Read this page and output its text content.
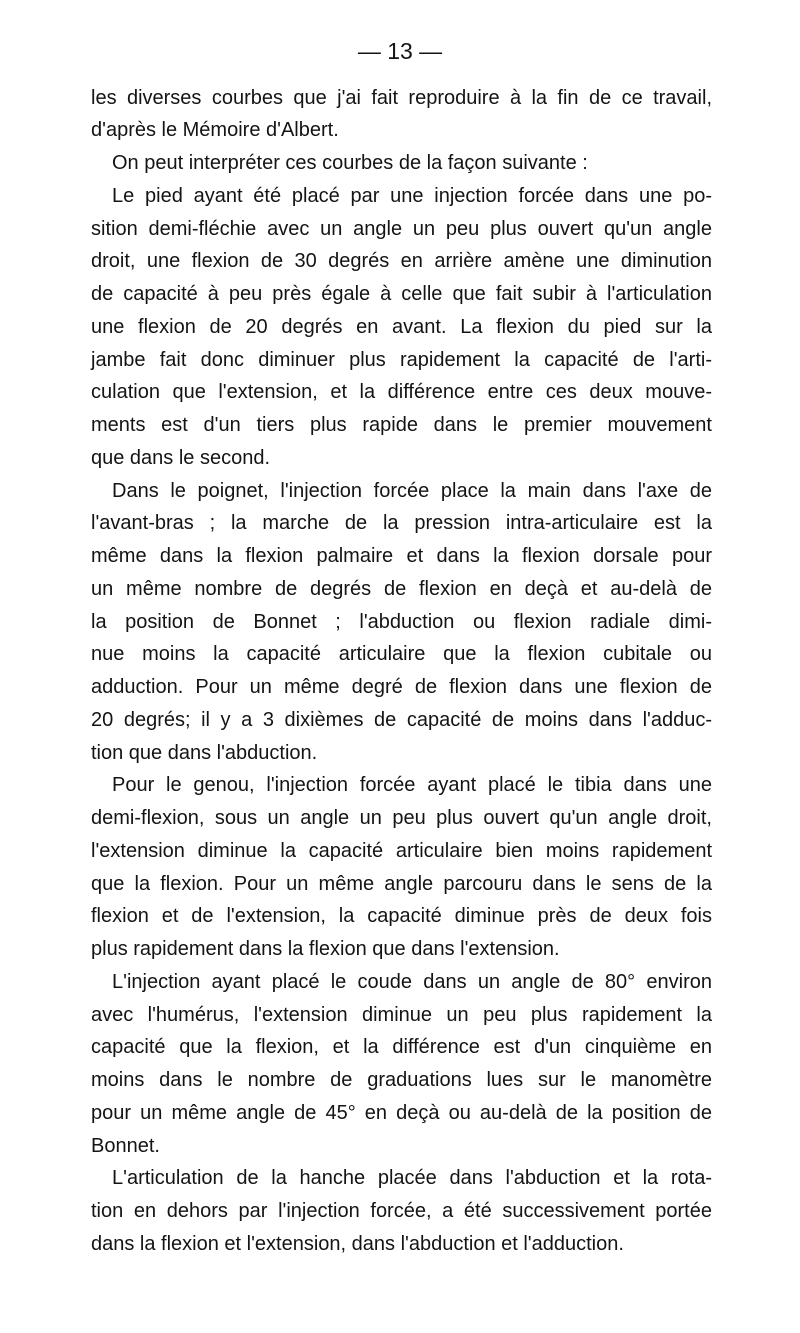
— 13 —
les diverses courbes que j'ai fait reproduire à la fin de ce travail,
d'après le Mémoire d'Albert.
On peut interpréter ces courbes de la façon suivante :
Le pied ayant été placé par une injection forcée dans une po-
sition demi-fléchie avec un angle un peu plus ouvert qu'un angle
droit, une flexion de 30 degrés en arrière amène une diminution
de capacité à peu près égale à celle que fait subir à l'articulation
une flexion de 20 degrés en avant. La flexion du pied sur la
jambe fait donc diminuer plus rapidement la capacité de l'arti-
culation que l'extension, et la différence entre ces deux mouve-
ments est d'un tiers plus rapide dans le premier mouvement
que dans le second.
Dans le poignet, l'injection forcée place la main dans l'axe de
l'avant-bras ; la marche de la pression intra-articulaire est la
même dans la flexion palmaire et dans la flexion dorsale pour
un même nombre de degrés de flexion en deçà et au-delà de
la position de Bonnet ; l'abduction ou flexion radiale dimi-
nue moins la capacité articulaire que la flexion cubitale ou
adduction. Pour un même degré de flexion dans une flexion de
20 degrés; il y a 3 dixièmes de capacité de moins dans l'adduc-
tion que dans l'abduction.
Pour le genou, l'injection forcée ayant placé le tibia dans une
demi-flexion, sous un angle un peu plus ouvert qu'un angle droit,
l'extension diminue la capacité articulaire bien moins rapidement
que la flexion. Pour un même angle parcouru dans le sens de la
flexion et de l'extension, la capacité diminue près de deux fois
plus rapidement dans la flexion que dans l'extension.
L'injection ayant placé le coude dans un angle de 80° environ
avec l'humérus, l'extension diminue un peu plus rapidement la
capacité que la flexion, et la différence est d'un cinquième en
moins dans le nombre de graduations lues sur le manomètre
pour un même angle de 45° en deçà ou au-delà de la position de
Bonnet.
L'articulation de la hanche placée dans l'abduction et la rota-
tion en dehors par l'injection forcée, a été successivement portée
dans la flexion et l'extension, dans l'abduction et l'adduction.
